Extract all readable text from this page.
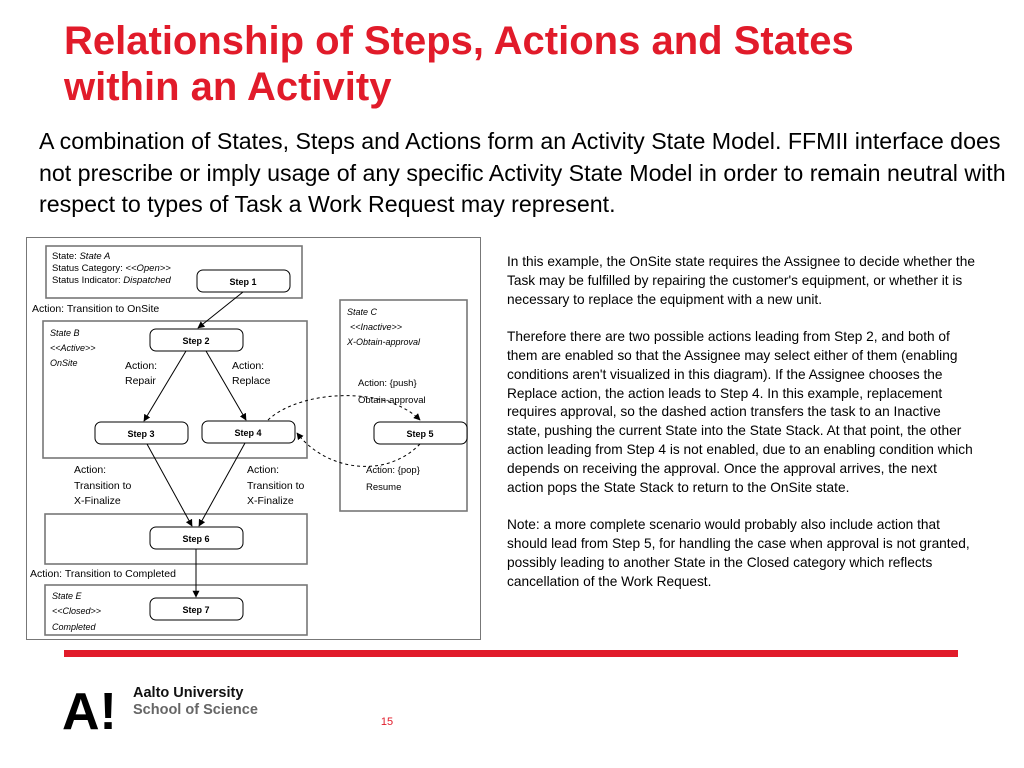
Relationship of Steps, Actions and States within an Activity
A combination of States, Steps and Actions form an Activity State Model. FFMII interface does not prescribe or imply usage of any specific Activity State Model in order to remain neutral with respect to types of Task a Work Request may represent.
State: State A
Status Category: <<Open>>
Status Indicator: Dispatched
State B
<<Active>>
OnSite
State C
<<Inactive>>
X-Obtain-approval
State E
<<Closed>>
Completed
Step 1
Step 2
Step 3	Step 4	Step 5
Step 6
Step 7
Action: Transition to OnSite
Action:
Repair
Action:
Replace	Action: {push}
Obtain-approval
Action: {pop}
Resume
Action:
Transition to
X-Finalize
Action:
Transition to
X-Finalize
Action: Transition to Completed

In this example, the OnSite state requires the Assignee to decide whether the Task may be fulfilled by repairing the customer's equipment, or whether it is necessary to replace the equipment with a new unit.

Therefore there are two possible actions leading from Step 2, and both of them are enabled so that the Assignee may select either of them (enabling conditions aren't visualized in this diagram). If the Assignee chooses the Replace action, the action leads to Step 4. In this example, replacement requires approval, so the dashed action transfers the task to an Inactive state, pushing the current State into the State Stack. At that point, the other action leading from Step 4 is not enabled, due to an enabling condition which depends on receiving the approval. Once the approval arrives, the next action pops the State Stack to return to the OnSite state.

Note: a more complete scenario would probably also include action that should lead from Step 5, for handling the case when approval is not granted, possibly leading to another State in the Closed category which reflects cancellation of the Work Request.

A! Aalto University
School of Science
15
